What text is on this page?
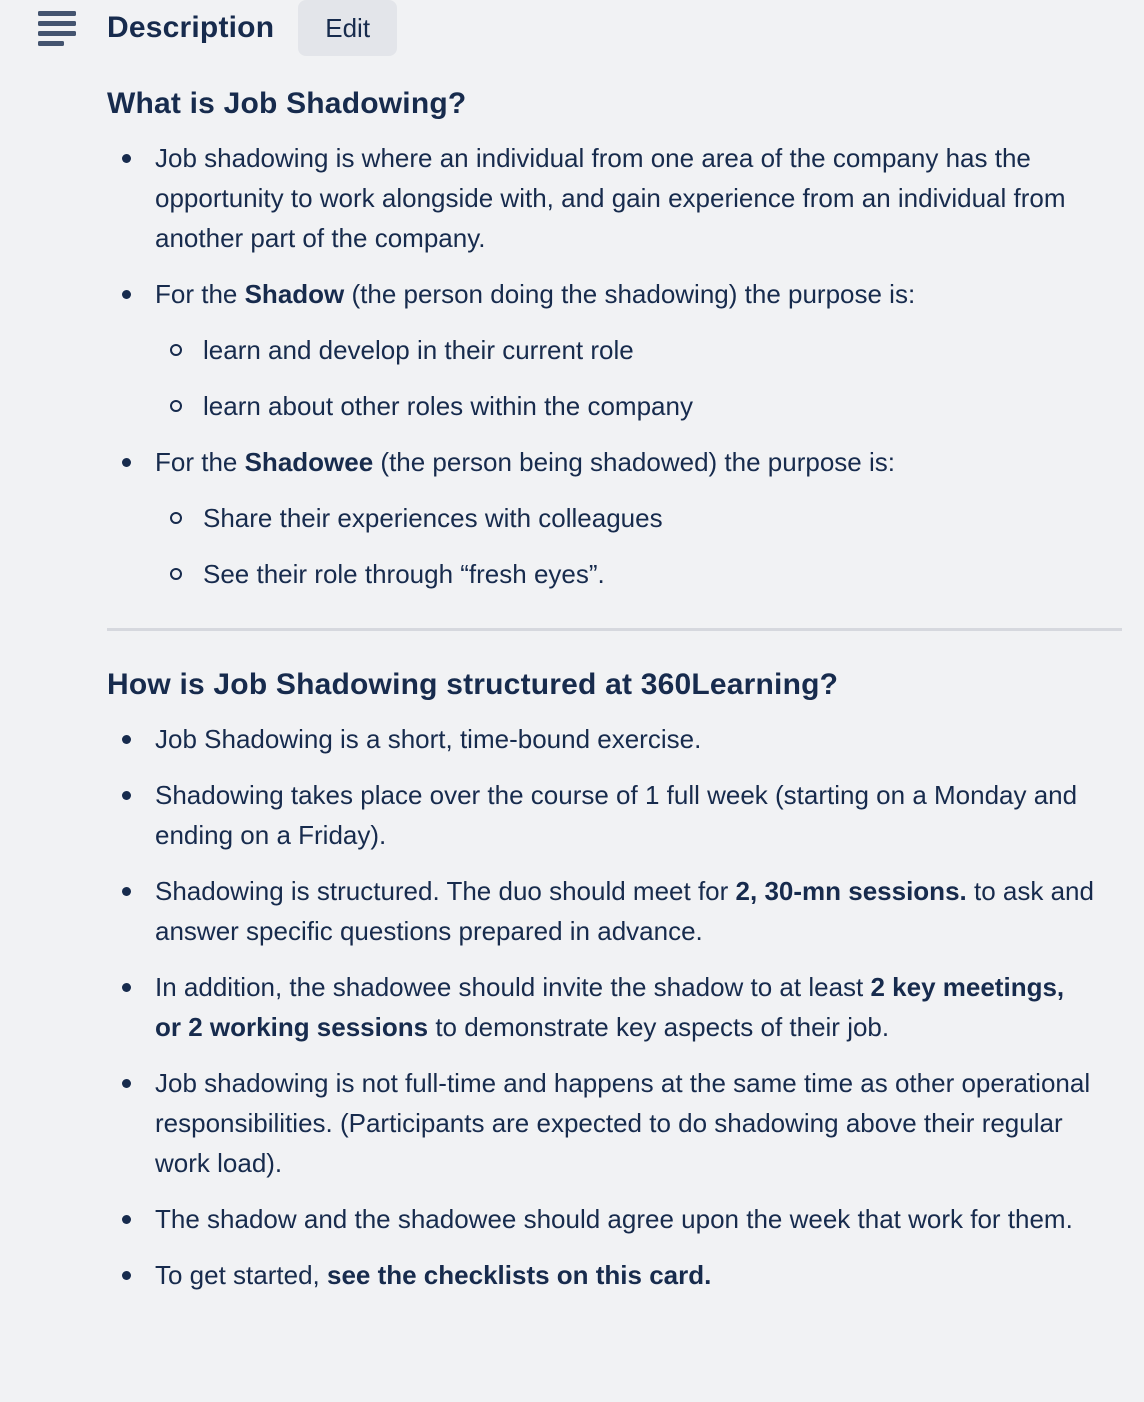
Description	Edit
What is Job Shadowing?
Job shadowing is where an individual from one area of the company has the opportunity to work alongside with, and gain experience from an individual from another part of the company.
For the Shadow (the person doing the shadowing) the purpose is:
learn and develop in their current role
learn about other roles within the company
For the Shadowee (the person being shadowed) the purpose is:
Share their experiences with colleagues
See their role through “fresh eyes”.
How is Job Shadowing structured at 360Learning?
Job Shadowing is a short, time-bound exercise.
Shadowing takes place over the course of 1 full week (starting on a Monday and ending on a Friday).
Shadowing is structured. The duo should meet for 2, 30-mn sessions. to ask and answer specific questions prepared in advance.
In addition, the shadowee should invite the shadow to at least 2 key meetings, or 2 working sessions to demonstrate key aspects of their job.
Job shadowing is not full-time and happens at the same time as other operational responsibilities. (Participants are expected to do shadowing above their regular work load).
The shadow and the shadowee should agree upon the week that work for them.
To get started, see the checklists on this card.
